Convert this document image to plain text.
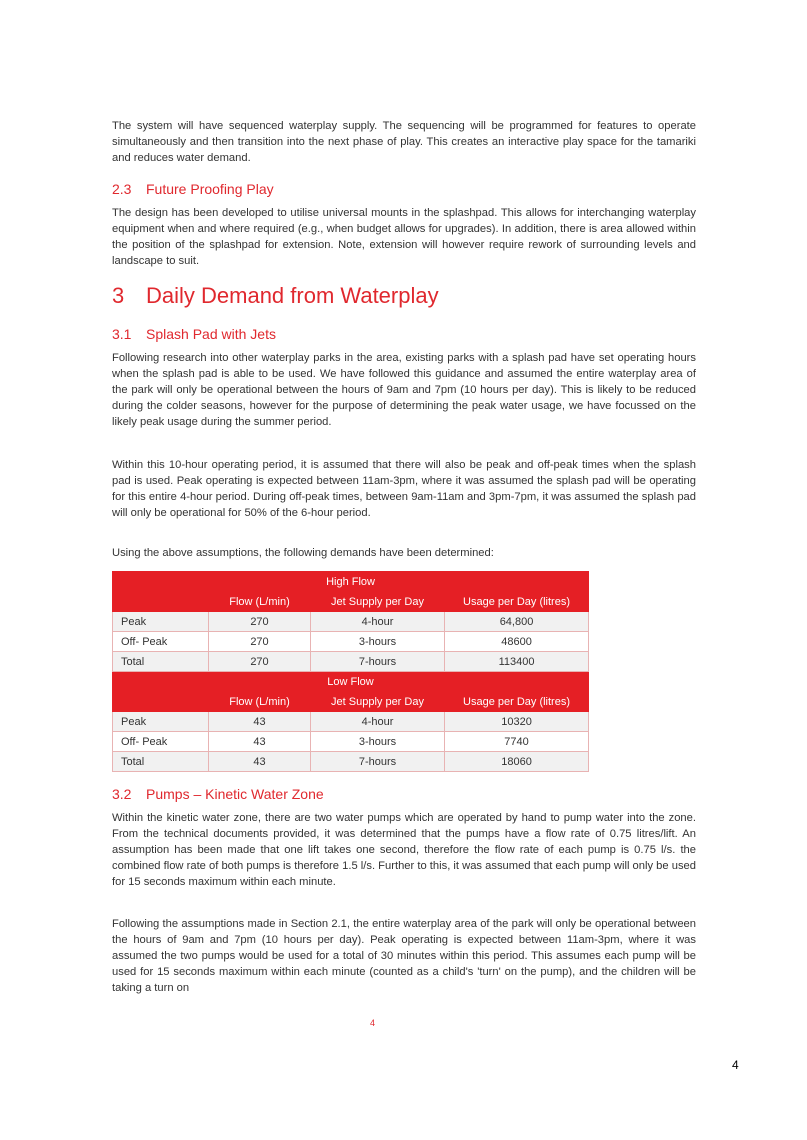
The system will have sequenced waterplay supply. The sequencing will be programmed for features to operate simultaneously and then transition into the next phase of play. This creates an interactive play space for the tamariki and reduces water demand.

2.3 Future Proofing Play

The design has been developed to utilise universal mounts in the splashpad. This allows for interchanging waterplay equipment when and where required (e.g., when budget allows for upgrades). In addition, there is area allowed within the position of the splashpad for extension. Note, extension will however require rework of surrounding levels and landscape to suit.

3 Daily Demand from Waterplay
3.1 Splash Pad with Jets

Following research into other waterplay parks in the area, existing parks with a splash pad have set operating hours when the splash pad is able to be used. We have followed this guidance and assumed the entire waterplay area of the park will only be operational between the hours of 9am and 7pm (10 hours per day). This is likely to be reduced during the colder seasons, however for the purpose of determining the peak water usage, we have focussed on the likely peak usage during the summer period.

Within this 10-hour operating period, it is assumed that there will also be peak and off-peak times when the splash pad is used. Peak operating is expected between 11am-3pm, where it was assumed the splash pad will be operating for this entire 4-hour period. During off-peak times, between 9am-11am and 3pm-7pm, it was assumed the splash pad will only be operational for 50% of the 6-hour period.

Using the above assumptions, the following demands have been determined:

High Flow			
	Flow (L/min)	Jet Supply per Day	Usage per Day (litres)
Peak	270	4-hour	64,800
Off- Peak	270	3-hours	48600
Total	270	7-hours	113400
Low Flow			
	Flow (L/min)	Jet Supply per Day	Usage per Day (litres)
Peak	43	4-hour	10320
Off- Peak	43	3-hours	7740
Total	43	7-hours	18060
3.2 Pumps – Kinetic Water Zone

Within the kinetic water zone, there are two water pumps which are operated by hand to pump water into the zone. From the technical documents provided, it was determined that the pumps have a flow rate of 0.75 litres/lift. An assumption has been made that one lift takes one second, therefore the flow rate of each pump is 0.75 l/s. the combined flow rate of both pumps is therefore 1.5 l/s. Further to this, it was assumed that each pump will only be used for 15 seconds maximum within each minute.

Following the assumptions made in Section 2.1, the entire waterplay area of the park will only be operational between the hours of 9am and 7pm (10 hours per day). Peak operating is expected between 11am-3pm, where it was assumed the two pumps would be used for a total of 30 minutes within this period. This assumes each pump will be used for 15 seconds maximum within each minute (counted as a child's 'turn' on the pump), and the children will be taking a turn on

4
4
